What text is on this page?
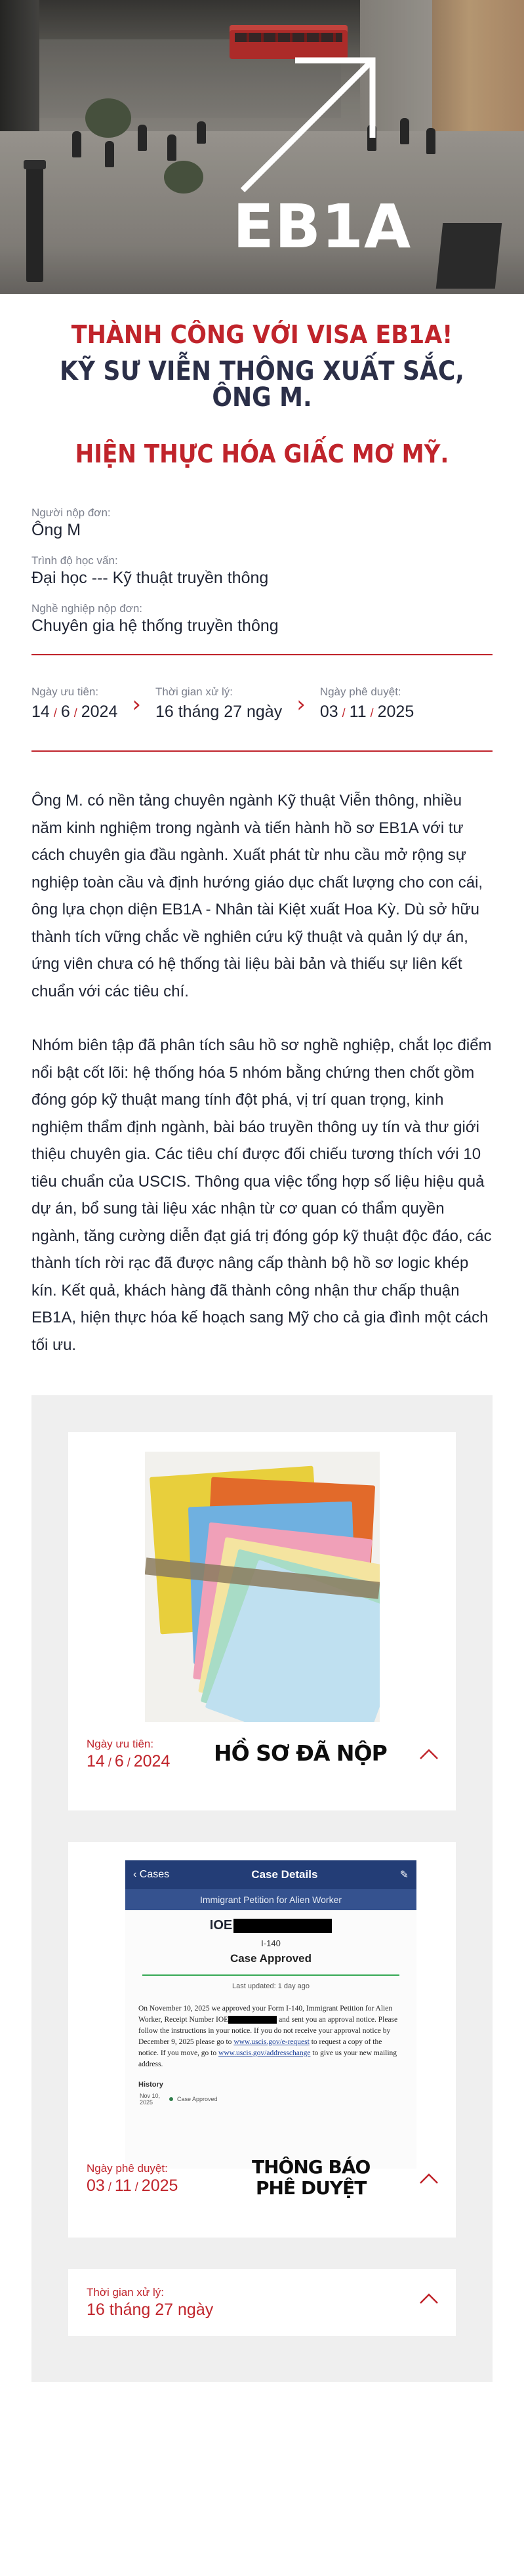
EB1A
THÀNH CÔNG VỚI VISA EB1A!
KỸ SƯ VIỄN THÔNG XUẤT SẮC,
ÔNG M.
HIỆN THỰC HÓA GIẤC MƠ MỸ.
Người nộp đơn:
Ông M
Trình độ học vấn:
Đại học --- Kỹ thuật truyền thông
Nghề nghiệp nộp đơn:
Chuyên gia hệ thống truyền thông
Ngày ưu tiên:
14 / 6 / 2024 › Thời gian xử lý:
16 tháng 27 ngày › Ngày phê duyệt:
03 / 11 / 2025

Ông M. có nền tảng chuyên ngành Kỹ thuật Viễn thông, nhiều năm kinh nghiệm trong ngành và tiến hành hồ sơ EB1A với tư cách chuyên gia đầu ngành. Xuất phát từ nhu cầu mở rộng sự nghiệp toàn cầu và định hướng giáo dục chất lượng cho con cái, ông lựa chọn diện EB1A - Nhân tài Kiệt xuất Hoa Kỳ. Dù sở hữu thành tích vững chắc về nghiên cứu kỹ thuật và quản lý dự án, ứng viên chưa có hệ thống tài liệu bài bản và thiếu sự liên kết chuẩn với các tiêu chí.

Nhóm biên tập đã phân tích sâu hồ sơ nghề nghiệp, chắt lọc điểm nổi bật cốt lõi: hệ thống hóa 5 nhóm bằng chứng then chốt gồm đóng góp kỹ thuật mang tính đột phá, vị trí quan trọng, kinh nghiệm thẩm định ngành, bài báo truyền thông uy tín và thư giới thiệu chuyên gia. Các tiêu chí được đối chiếu tương thích với 10 tiêu chuẩn của USCIS. Thông qua việc tổng hợp số liệu hiệu quả dự án, bổ sung tài liệu xác nhận từ cơ quan có thẩm quyền ngành, tăng cường diễn đạt giá trị đóng góp kỹ thuật độc đáo, các thành tích rời rạc đã được nâng cấp thành bộ hồ sơ logic khép kín. Kết quả, khách hàng đã thành công nhận thư chấp thuận EB1A, hiện thực hóa kế hoạch sang Mỹ cho cả gia đình một cách tối ưu.

Ngày ưu tiên:
14 / 6 / 2024 HỒ SƠ ĐÃ NỘP
‹ Cases	Case Details	✎
Immigrant Petition for Alien Worker
IOE
I-140
Case Approved
Last updated: 1 day ago
On November 10, 2025 we approved your Form I-140, Immigrant Petition for Alien Worker, Receipt Number IOE	and sent you an approval notice. Please follow the instructions in your notice. If you do not receive your approval notice by December 9, 2025 please go to www.uscis.gov/e-request to request a copy of the notice. If you move, go to www.uscis.gov/addresschange to give us your new mailing address.
History
Nov 10,
2025	Case Approved
Ngày phê duyệt:
03 / 11 / 2025
THÔNG BÁO
PHÊ DUYỆT
Thời gian xử lý:
16 tháng 27 ngày
